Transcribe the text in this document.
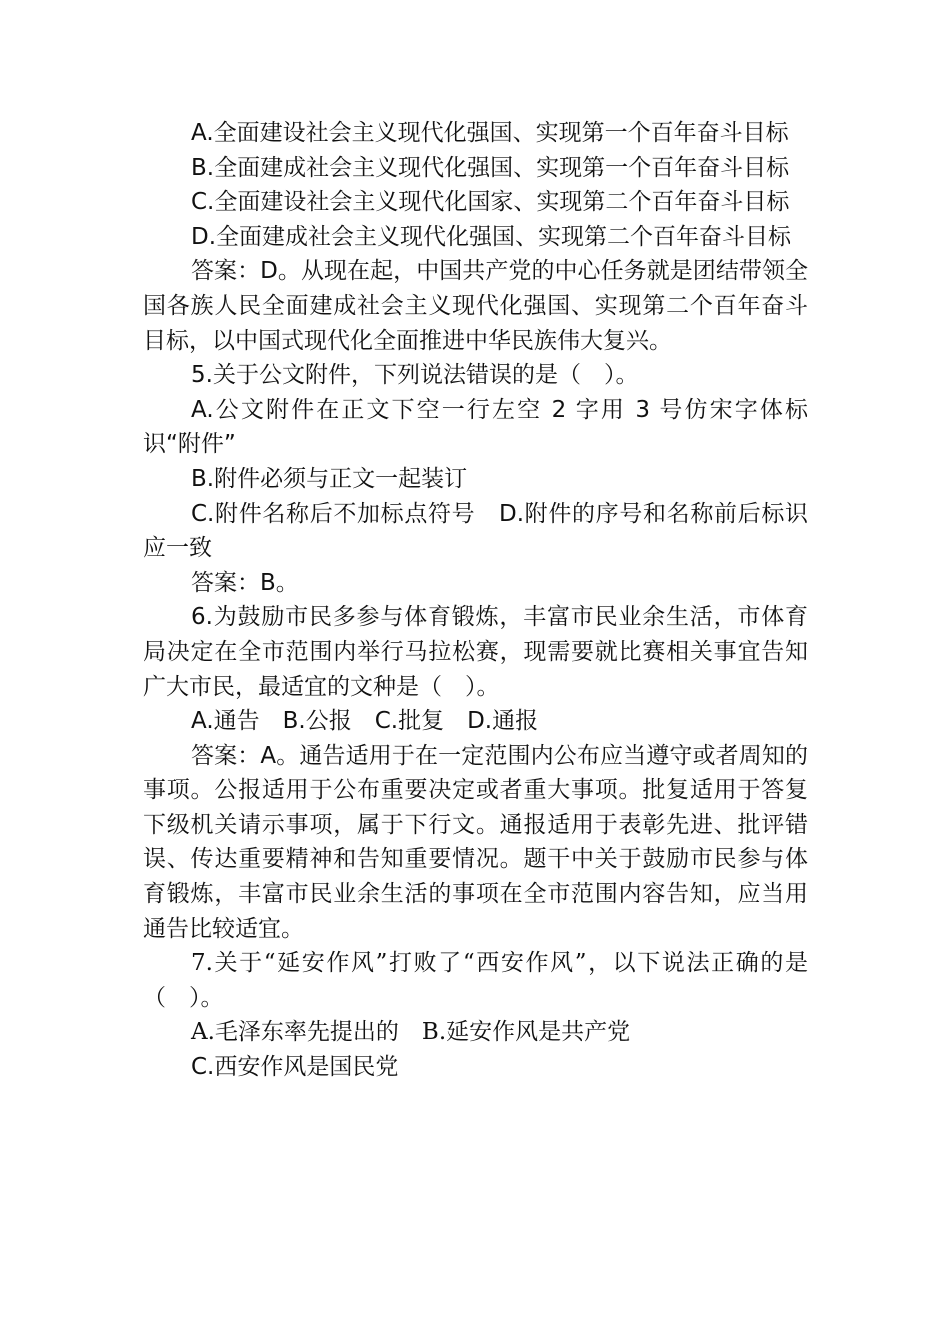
A.全面建设社会主义现代化强国、实现第一个百年奋斗目标

B.全面建成社会主义现代化强国、实现第一个百年奋斗目标

C.全面建设社会主义现代化国家、实现第二个百年奋斗目标

D.全面建成社会主义现代化强国、实现第二个百年奋斗目标

答案：D。从现在起，中国共产党的中心任务就是团结带领全国各族人民全面建成社会主义现代化强国、实现第二个百年奋斗目标，以中国式现代化全面推进中华民族伟大复兴。

5.关于公文附件，下列说法错误的是（　）。

A.公文附件在正文下空一行左空 2 字用 3 号仿宋字体标识“附件”

B.附件必须与正文一起装订

C.附件名称后不加标点符号　D.附件的序号和名称前后标识应一致

答案：B。

6.为鼓励市民多参与体育锻炼，丰富市民业余生活，市体育局决定在全市范围内举行马拉松赛，现需要就比赛相关事宜告知广大市民，最适宜的文种是（　）。

A.通告　B.公报　C.批复　D.通报

答案：A。通告适用于在一定范围内公布应当遵守或者周知的事项。公报适用于公布重要决定或者重大事项。批复适用于答复下级机关请示事项，属于下行文。通报适用于表彰先进、批评错误、传达重要精神和告知重要情况。题干中关于鼓励市民参与体育锻炼，丰富市民业余生活的事项在全市范围内容告知，应当用通告比较适宜。

7.关于“延安作风”打败了“西安作风”，以下说法正确的是（　）。

A.毛泽东率先提出的　B.延安作风是共产党

C.西安作风是国民党
